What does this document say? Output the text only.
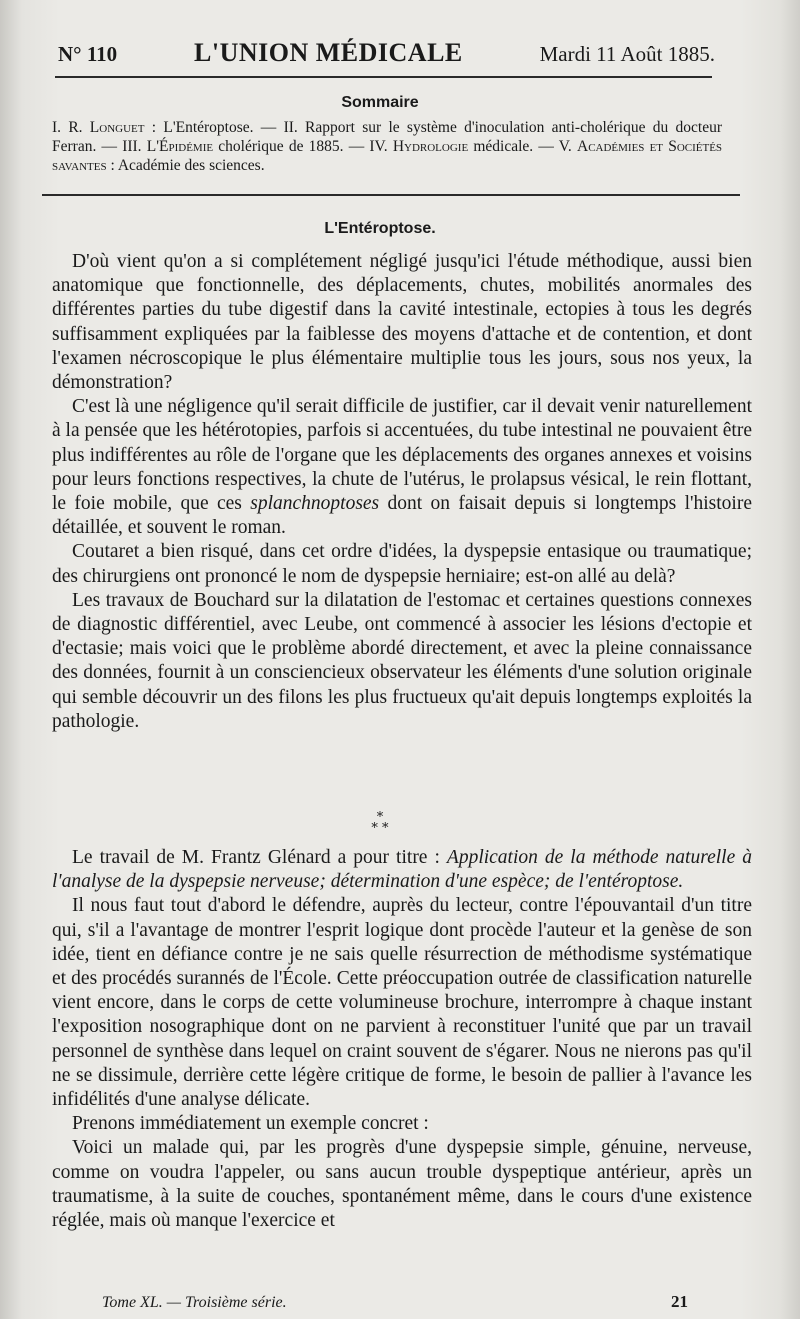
N° 110	L'UNION MÉDICALE	Mardi 11 Août 1885.
Sommaire
I. R. Longuet : L'Entéroptose. — II. Rapport sur le système d'inoculation anti-cholérique du docteur Ferran. — III. L'Épidémie cholérique de 1885. — IV. Hydrologie médicale. — V. Académies et Sociétés savantes : Académie des sciences.
L'Entéroptose.

D'où vient qu'on a si complétement négligé jusqu'ici l'étude méthodique, aussi bien anatomique que fonctionnelle, des déplacements, chutes, mobilités anormales des différentes parties du tube digestif dans la cavité intestinale, ectopies à tous les degrés suffisamment expliquées par la faiblesse des moyens d'attache et de contention, et dont l'examen nécroscopique le plus élémentaire multiplie tous les jours, sous nos yeux, la démonstration?

C'est là une négligence qu'il serait difficile de justifier, car il devait venir naturellement à la pensée que les hétérotopies, parfois si accentuées, du tube intestinal ne pouvaient être plus indifférentes au rôle de l'organe que les déplacements des organes annexes et voisins pour leurs fonctions respectives, la chute de l'utérus, le prolapsus vésical, le rein flottant, le foie mobile, que ces splanchnoptoses dont on faisait depuis si longtemps l'histoire détaillée, et souvent le roman.

Coutaret a bien risqué, dans cet ordre d'idées, la dyspepsie entasique ou traumatique; des chirurgiens ont prononcé le nom de dyspepsie herniaire; est-on allé au delà?

Les travaux de Bouchard sur la dilatation de l'estomac et certaines questions connexes de diagnostic différentiel, avec Leube, ont commencé à associer les lésions d'ectopie et d'ectasie; mais voici que le problème abordé directement, et avec la pleine connaissance des données, fournit à un consciencieux observateur les éléments d'une solution originale qui semble découvrir un des filons les plus fructueux qu'ait depuis longtemps exploités la pathologie.

*
* *

Le travail de M. Frantz Glénard a pour titre : Application de la méthode naturelle à l'analyse de la dyspepsie nerveuse; détermination d'une espèce; de l'entéroptose.

Il nous faut tout d'abord le défendre, auprès du lecteur, contre l'épouvantail d'un titre qui, s'il a l'avantage de montrer l'esprit logique dont procède l'auteur et la genèse de son idée, tient en défiance contre je ne sais quelle résurrection de méthodisme systématique et des procédés surannés de l'École. Cette préoccupation outrée de classification naturelle vient encore, dans le corps de cette volumineuse brochure, interrompre à chaque instant l'exposition nosographique dont on ne parvient à reconstituer l'unité que par un travail personnel de synthèse dans lequel on craint souvent de s'égarer. Nous ne nierons pas qu'il ne se dissimule, derrière cette légère critique de forme, le besoin de pallier à l'avance les infidélités d'une analyse délicate.

Prenons immédiatement un exemple concret :

Voici un malade qui, par les progrès d'une dyspepsie simple, génuine, nerveuse, comme on voudra l'appeler, ou sans aucun trouble dyspeptique antérieur, après un traumatisme, à la suite de couches, spontanément même, dans le cours d'une existence réglée, mais où manque l'exercice et

Tome XL. — Troisième série.	21
